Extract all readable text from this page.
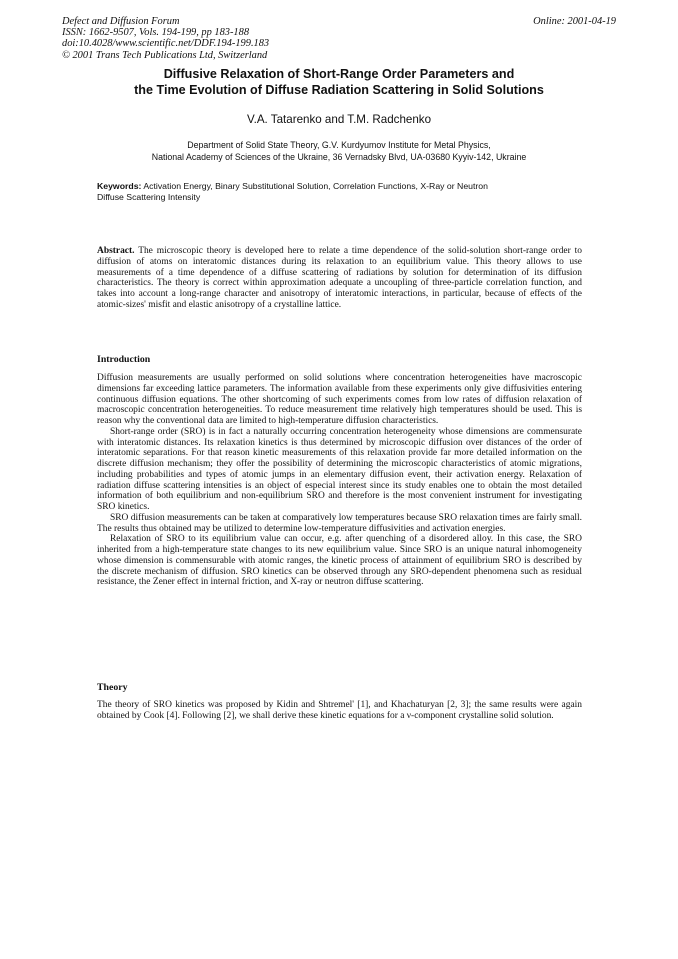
Defect and Diffusion Forum
ISSN: 1662-9507, Vols. 194-199, pp 183-188
doi:10.4028/www.scientific.net/DDF.194-199.183
© 2001 Trans Tech Publications Ltd, Switzerland
Online: 2001-04-19
Diffusive Relaxation of Short-Range Order Parameters and
the Time Evolution of Diffuse Radiation Scattering in Solid Solutions
V.A. Tatarenko and T.M. Radchenko
Department of Solid State Theory, G.V. Kurdyumov Institute for Metal Physics,
National Academy of Sciences of the Ukraine, 36 Vernadsky Blvd, UA-03680 Kyyiv-142, Ukraine
Keywords: Activation Energy, Binary Substitutional Solution, Correlation Functions, X-Ray or Neutron Diffuse Scattering Intensity

Abstract. The microscopic theory is developed here to relate a time dependence of the solid-solution short-range order to diffusion of atoms on interatomic distances during its relaxation to an equilibrium value. This theory allows to use measurements of a time dependence of a diffuse scattering of radiations by solution for determination of its diffusion characteristics. The theory is correct within approximation adequate a uncoupling of three-particle correlation function, and takes into account a long-range character and anisotropy of interatomic interactions, in particular, because of effects of the atomic-sizes' misfit and elastic anisotropy of a crystalline lattice.

Introduction

Diffusion measurements are usually performed on solid solutions where concentration heterogeneities have macroscopic dimensions far exceeding lattice parameters. The information available from these experiments only give diffusivities entering continuous diffusion equations. The other shortcoming of such experiments comes from low rates of diffusion relaxation of macroscopic concentration heterogeneities. To reduce measurement time relatively high temperatures should be used. This is reason why the conventional data are limited to high-temperature diffusion characteristics.

Short-range order (SRO) is in fact a naturally occurring concentration heterogeneity whose dimensions are commensurate with interatomic distances. Its relaxation kinetics is thus determined by microscopic diffusion over distances of the order of interatomic separations. For that reason kinetic measurements of this relaxation provide far more detailed information on the discrete diffusion mechanism; they offer the possibility of determining the microscopic characteristics of atomic migrations, including probabilities and types of atomic jumps in an elementary diffusion event, their activation energy. Relaxation of radiation diffuse scattering intensities is an object of especial interest since its study enables one to obtain the most detailed information of both equilibrium and non-equilibrium SRO and therefore is the most convenient instrument for investigating SRO kinetics.

SRO diffusion measurements can be taken at comparatively low temperatures because SRO relaxation times are fairly small. The results thus obtained may be utilized to determine low-temperature diffusivities and activation energies.

Relaxation of SRO to its equilibrium value can occur, e.g. after quenching of a disordered alloy. In this case, the SRO inherited from a high-temperature state changes to its new equilibrium value. Since SRO is an unique natural inhomogeneity whose dimension is commensurable with atomic ranges, the kinetic process of attainment of equilibrium SRO is described by the discrete mechanism of diffusion. SRO kinetics can be observed through any SRO-dependent phenomena such as residual resistance, the Zener effect in internal friction, and X-ray or neutron diffuse scattering.

Theory

The theory of SRO kinetics was proposed by Kidin and Shtremel' [1], and Khachaturyan [2, 3]; the same results were again obtained by Cook [4]. Following [2], we shall derive these kinetic equations for a ν-component crystalline solid solution.
